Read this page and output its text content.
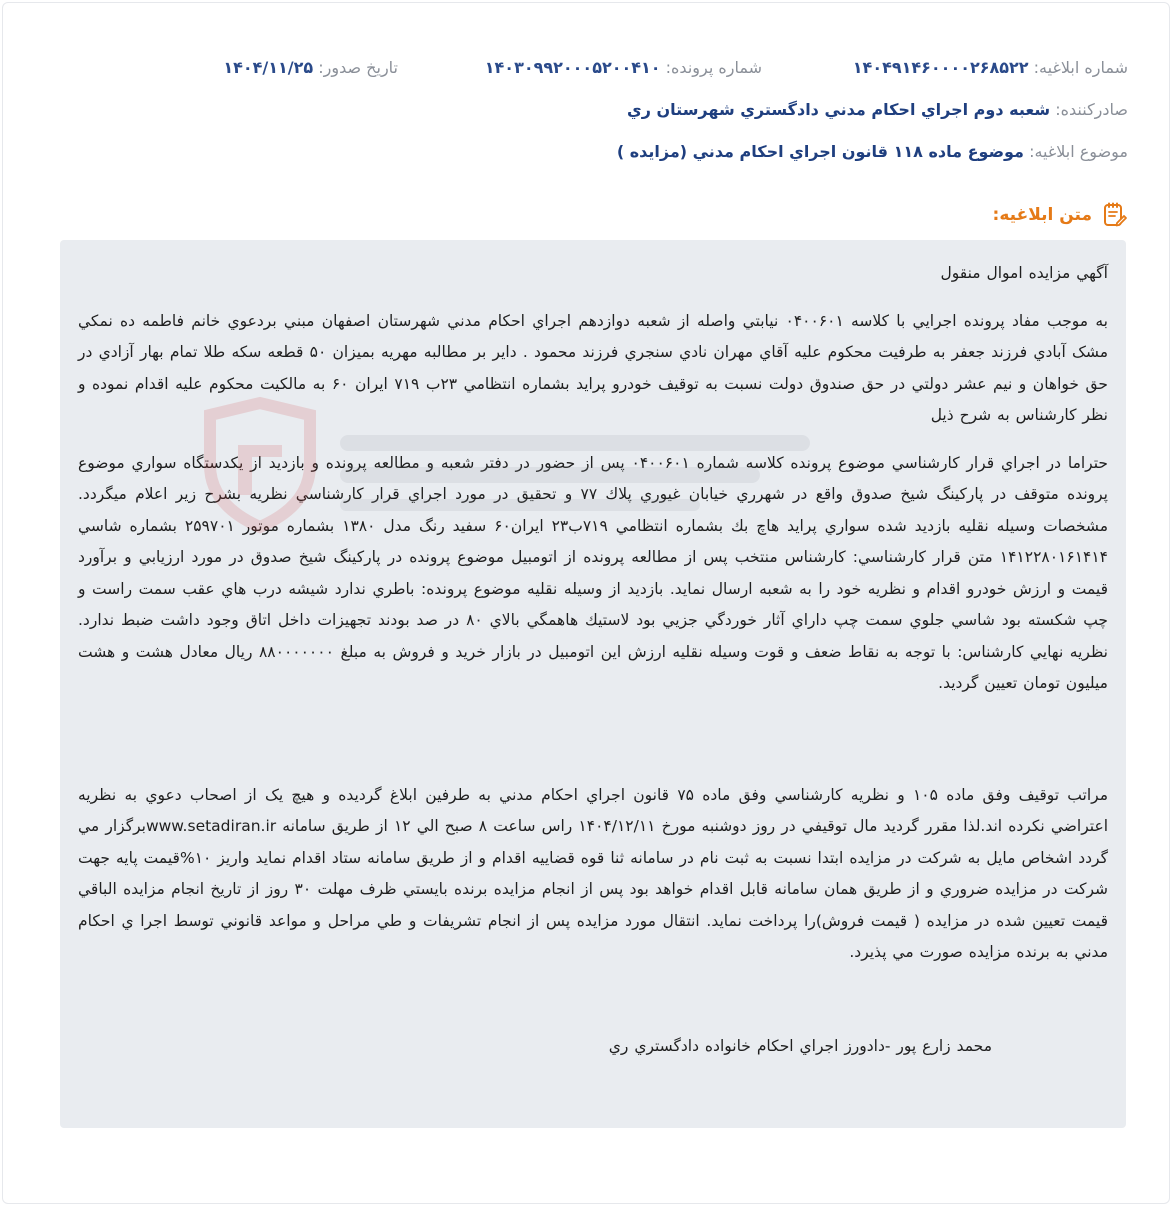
شماره ابلاغيه: ۱۴۰۴۹۱۴۶۰۰۰۰۲۶۸۵۲۲
شماره پرونده: ۱۴۰۳۰۹۹۲۰۰۰۵۲۰۰۴۱۰
تاريخ صدور: ۱۴۰۴/۱۱/۲۵
صادرکننده: شعبه دوم اجراي احکام مدني دادگستري شهرستان ري
موضوع ابلاغيه: موضوع ماده ۱۱۸ قانون اجراي احکام مدني (مزايده )
متن ابلاغيه:

آگهي مزايده اموال منقول

به موجب مفاد پرونده اجرايي با کلاسه ۰۴۰۰۶۰۱ نيابتي واصله از شعبه دوازدهم اجراي احکام مدني شهرستان اصفهان مبني بردعوي خانم فاطمه ده نمکي مشک آبادي فرزند جعفر به طرفيت محکوم عليه آقاي مهران نادي سنجري فرزند محمود . داير بر مطالبه مهريه بميزان ۵۰ قطعه سکه طلا تمام بهار آزادي در حق خواهان و نيم عشر دولتي در حق صندوق دولت نسبت به توقيف خودرو پرايد بشماره انتظامي ۲۳ب ۷۱۹ ايران ۶۰ به مالکيت محکوم عليه اقدام نموده و نظر کارشناس به شرح ذيل

حتراما در اجراي قرار کارشناسي موضوع پرونده کلاسه شماره ۰۴۰۰۶۰۱ پس از حضور در دفتر شعبه و مطالعه پرونده و بازديد از يکدستگاه سواري موضوع پرونده متوقف در پارکينگ شيخ صدوق واقع در شهرري خيابان غيوري پلاك ۷۷ و تحقيق در مورد اجراي قرار كارشناسي نظريه بشرح زير اعلام ميگردد. مشخصات وسيله نقليه بازديد شده سواري پرايد هاچ بك بشماره انتظامي ۷۱۹ب۲۳ ايران۶۰ سفيد رنگ مدل ۱۳۸۰ بشماره موتور ۲۵۹۷۰۱ بشماره شاسي ۱۴۱۲۲۸۰۱۶۱۴۱۴ متن قرار كارشناسي: كارشناس منتخب پس از مطالعه پرونده از اتومبيل موضوع پرونده در پاركينگ شيخ صدوق در مورد ارزيابي و برآورد قيمت و ارزش خودرو اقدام و نظريه خود را به شعبه ارسال نمايد. بازديد از وسيله نقليه موضوع پرونده: باطري ندارد شيشه درب هاي عقب سمت راست و چپ شكسته بود شاسي جلوي سمت چپ داراي آثار خوردگي جزيي بود لاستيك هاهمگي بالاي ۸۰ در صد بودند تجهيزات داخل اتاق وجود داشت ضبط ندارد. نظريه نهايي كارشناس: با توجه به نقاط ضعف و قوت وسيله نقليه ارزش اين اتومبيل در بازار خريد و فروش به مبلغ ۸۸۰۰۰۰۰۰۰ ريال معادل هشت و هشت ميليون تومان تعيين گرديد.

مراتب توقيف وفق ماده ۱۰۵ و نظريه كارشناسي وفق ماده ۷۵ قانون اجراي احكام مدني به طرفين ابلاغ گرديده و هيچ يک از اصحاب دعوي به نظريه اعتراضي نكرده اند.لذا مقرر گرديد مال توقيفي در روز دوشنبه مورخ ۱۴۰۴/۱۲/۱۱ راس ساعت ۸ صبح الي ۱۲ از طريق سامانه www.setadiran.irبرگزار مي گردد اشخاص مايل به شركت در مزايده ابتدا نسبت به ثبت نام در سامانه ثنا قوه قضاييه اقدام و از طريق سامانه ستاد اقدام نمايد واريز ۱۰%قيمت پايه جهت شركت در مزايده ضروري و از طريق همان سامانه قابل اقدام خواهد بود پس از انجام مزايده برنده بايستي ظرف مهلت ۳۰ روز از تاريخ انجام مزايده الباقي قيمت تعيين شده در مزايده ( قيمت فروش)را پرداخت نمايد. انتقال مورد مزايده پس از انجام تشريفات و طي مراحل و مواعد قانوني توسط اجرا ي احكام مدني به برنده مزايده صورت مي پذيرد.

محمد زارع پور -دادورز اجراي احكام خانواده دادگستري ري
